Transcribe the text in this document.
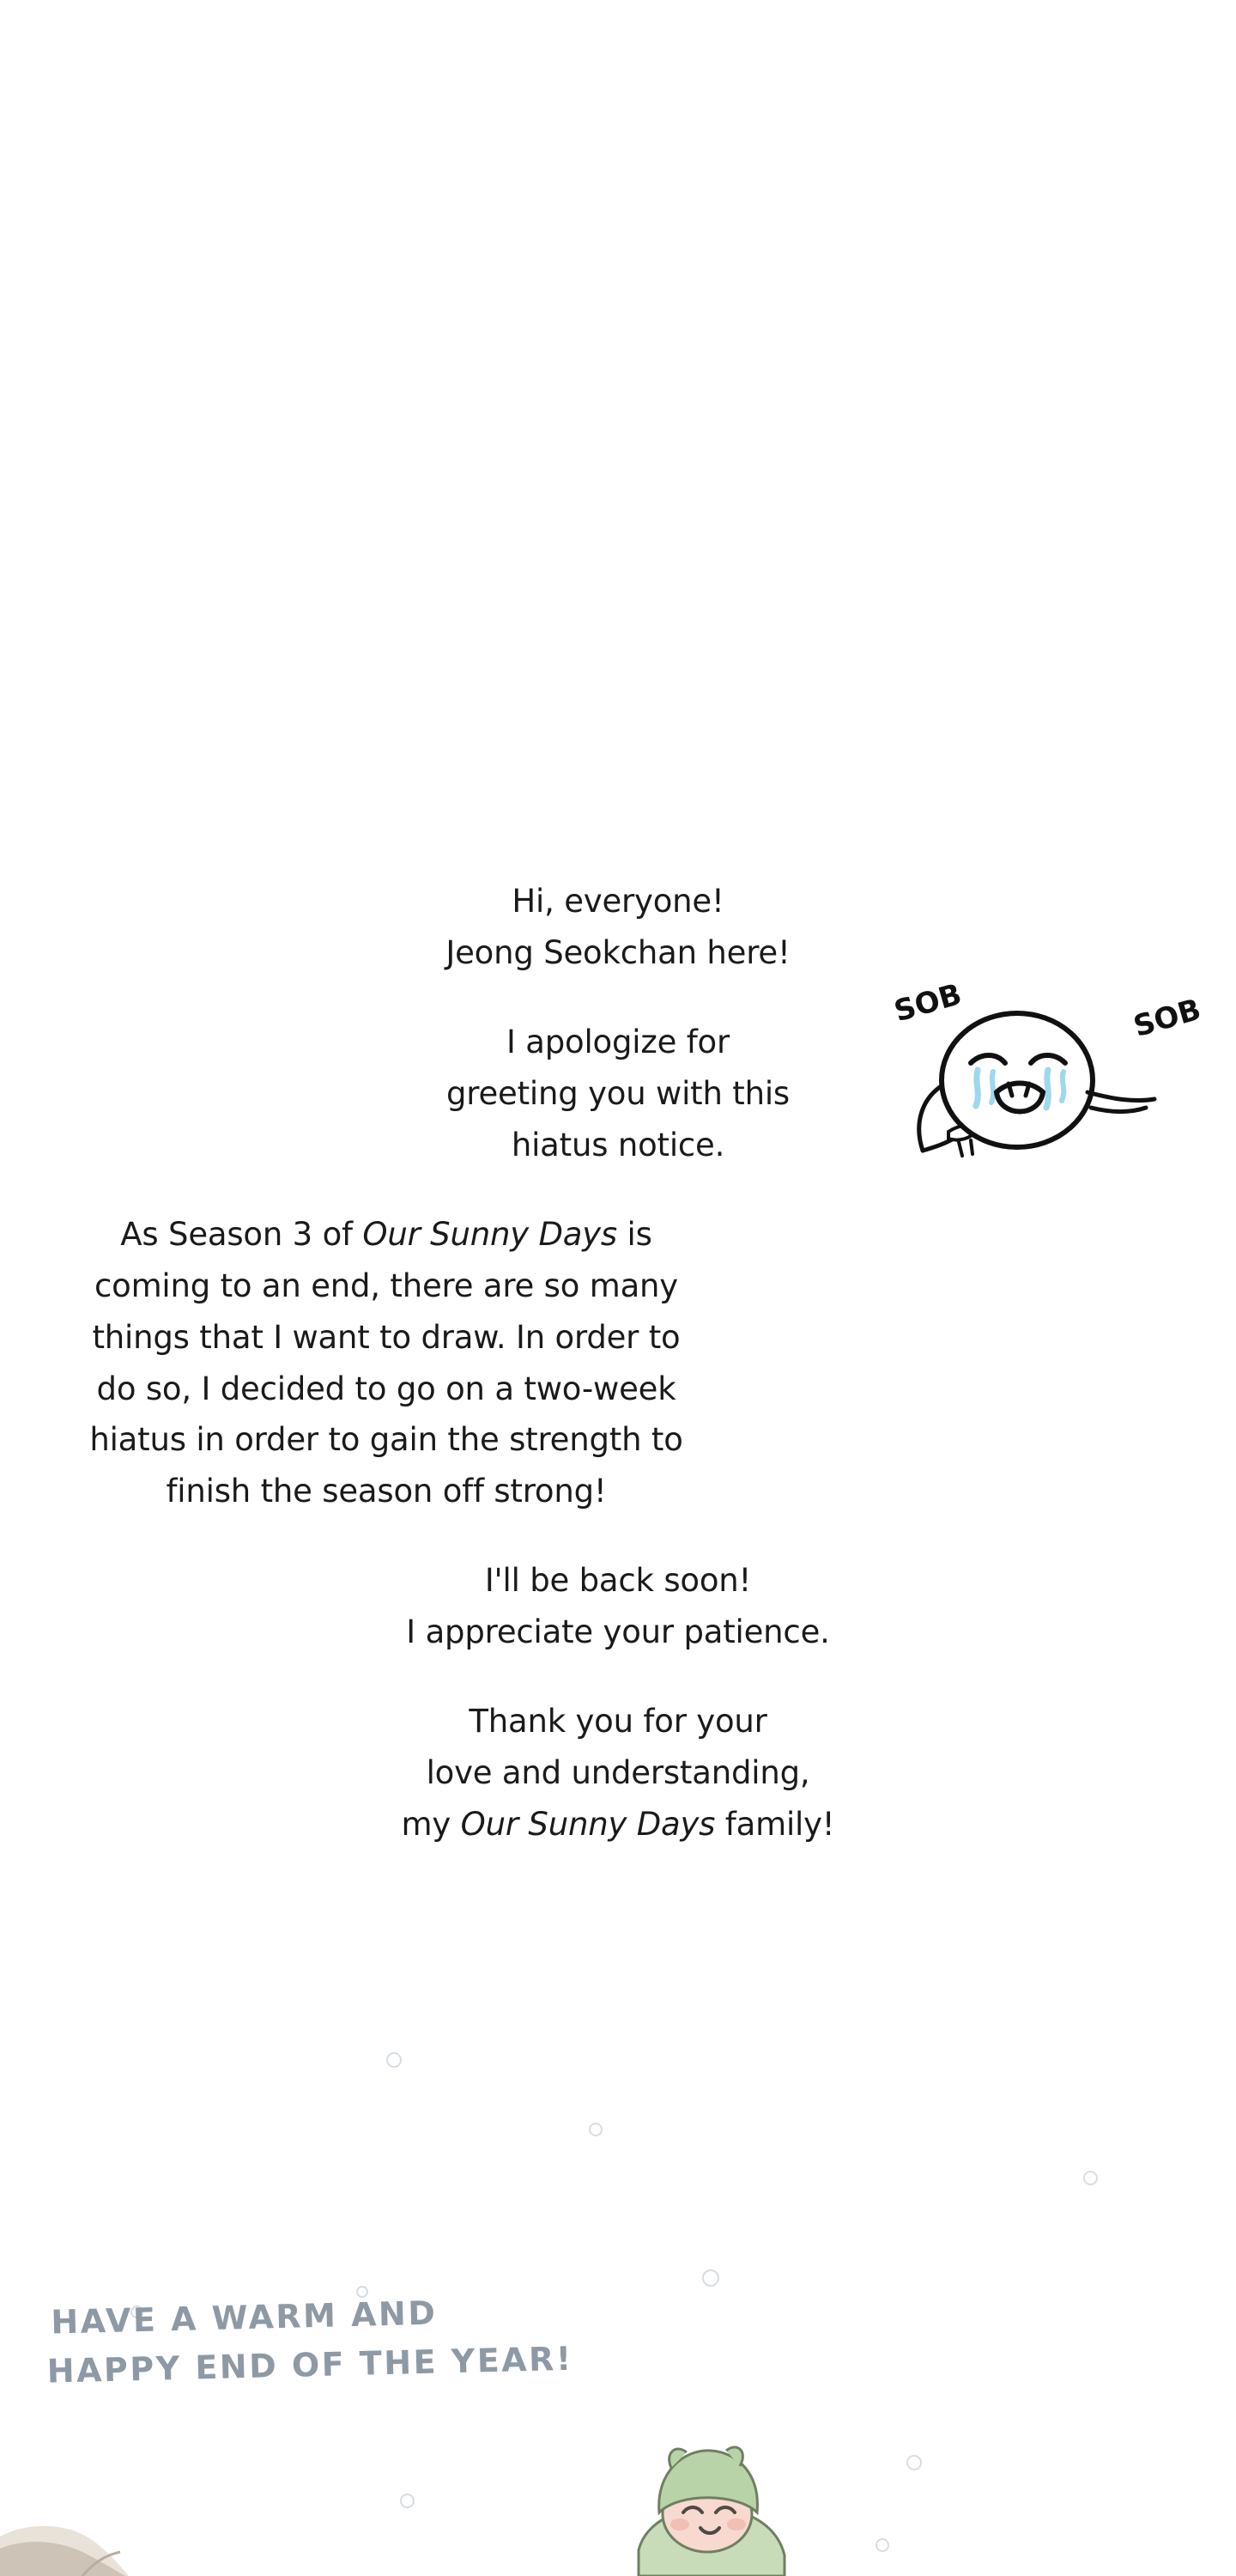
Hi, everyone!
Jeong Seokchan here!
I apologize for
greeting you with this
hiatus notice.
As Season 3 of Our Sunny Days is
coming to an end, there are so many
things that I want to draw. In order to
do so, I decided to go on a two-week
hiatus in order to gain the strength to
finish the season off strong!
I'll be back soon!
I appreciate your patience.
Thank you for your
love and understanding,
my Our Sunny Days family!
SOB	SOB
HAVE A WARM AND
HAPPY END OF THE YEAR!
